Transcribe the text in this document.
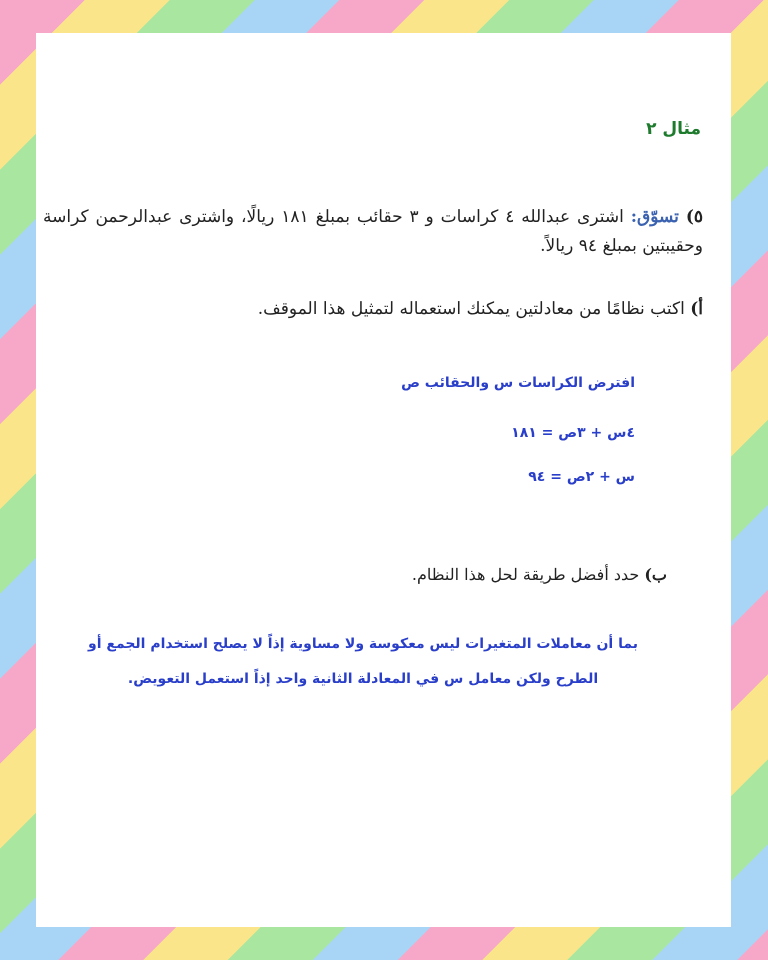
مثال ٢
٥) تسوّق: اشترى عبدالله ٤ كراسات و ٣ حقائب بمبلغ ١٨١ ريالًا، واشترى عبدالرحمن كراسة وحقيبتين بمبلغ ٩٤ ريالاً.
أ) اكتب نظامًا من معادلتين يمكنك استعماله لتمثيل هذا الموقف.
افترض الكراسات س والحقائب ص
٤س + ٣ص = ١٨١
س + ٢ص = ٩٤
ب) حدد أفضل طريقة لحل هذا النظام.
بما أن معاملات المتغيرات ليس معكوسة ولا مساوية إذاً لا يصلح استخدام الجمع أو الطرح ولكن معامل س في المعادلة الثانية واحد إذاً استعمل التعويض.
